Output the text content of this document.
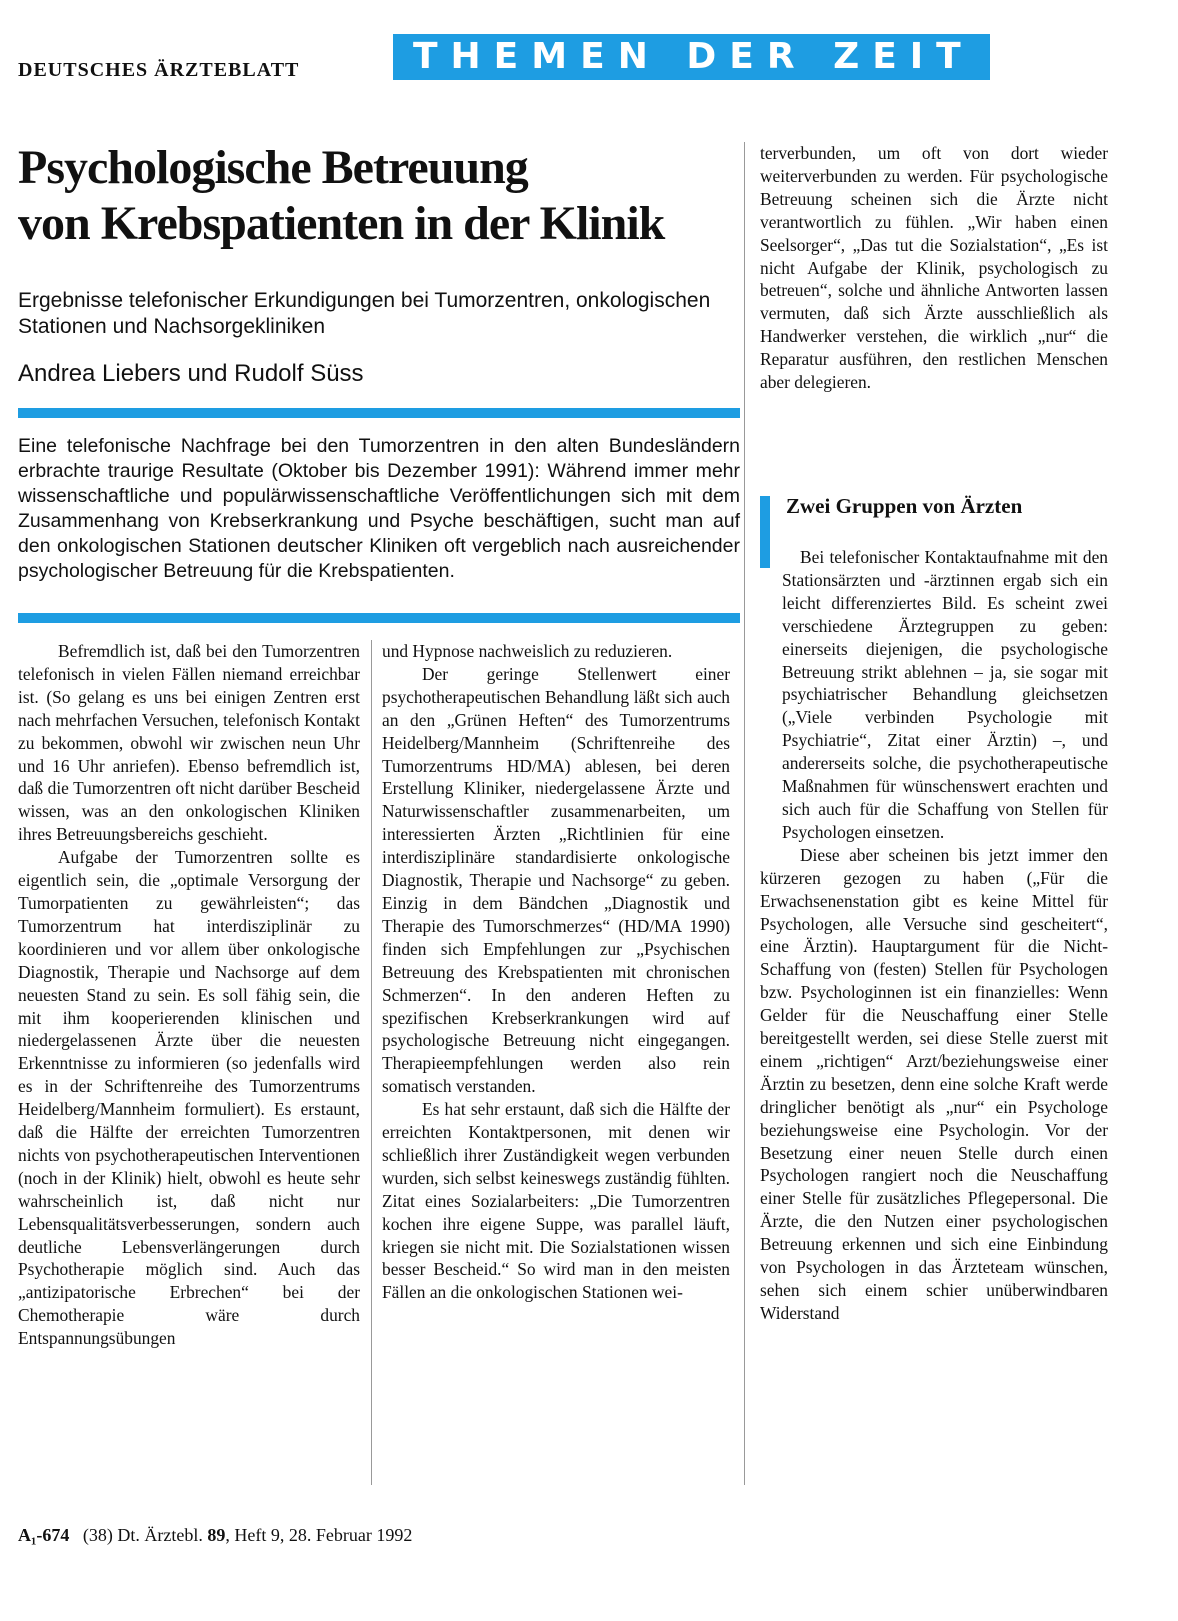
DEUTSCHES ÄRZTEBLATT	THEMEN DER ZEIT
Psychologische Betreuung
von Krebspatienten in der Klinik
Ergebnisse telefonischer Erkundigungen bei Tumorzentren, onkologischen Stationen und Nachsorgekliniken
Andrea Liebers und Rudolf Süss
Eine telefonische Nachfrage bei den Tumorzentren in den alten Bundesländern erbrachte traurige Resultate (Oktober bis Dezember 1991): Während immer mehr wissenschaftliche und populärwissenschaftliche Veröffentlichungen sich mit dem Zusammenhang von Krebserkrankung und Psyche beschäftigen, sucht man auf den onkologischen Stationen deutscher Kliniken oft vergeblich nach ausreichender psychologischer Betreuung für die Krebspatienten.

Befremdlich ist, daß bei den Tumorzentren telefonisch in vielen Fällen niemand erreichbar ist. (So gelang es uns bei einigen Zentren erst nach mehrfachen Versuchen, telefonisch Kontakt zu bekommen, obwohl wir zwischen neun Uhr und 16 Uhr anriefen). Ebenso befremdlich ist, daß die Tumorzentren oft nicht darüber Bescheid wissen, was an den onkologischen Kliniken ihres Betreuungsbereichs geschieht.

Aufgabe der Tumorzentren sollte es eigentlich sein, die „optimale Versorgung der Tumorpatienten zu gewährleisten“; das Tumorzentrum hat interdisziplinär zu koordinieren und vor allem über onkologische Diagnostik, Therapie und Nachsorge auf dem neuesten Stand zu sein. Es soll fähig sein, die mit ihm kooperierenden klinischen und niedergelassenen Ärzte über die neuesten Erkenntnisse zu informieren (so jedenfalls wird es in der Schriftenreihe des Tumorzentrums Heidelberg/Mannheim formuliert). Es erstaunt, daß die Hälfte der erreichten Tumorzentren nichts von psychotherapeutischen Interventionen (noch in der Klinik) hielt, obwohl es heute sehr wahrscheinlich ist, daß nicht nur Lebensqualitätsverbesserungen, sondern auch deutliche Lebensverlängerungen durch Psychotherapie möglich sind. Auch das „antizipatorische Erbrechen“ bei der Chemotherapie wäre durch Entspannungsübungen

und Hypnose nachweislich zu reduzieren.

Der geringe Stellenwert einer psychotherapeutischen Behandlung läßt sich auch an den „Grünen Heften“ des Tumorzentrums Heidelberg/Mannheim (Schriftenreihe des Tumorzentrums HD/MA) ablesen, bei deren Erstellung Kliniker, niedergelassene Ärzte und Naturwissenschaftler zusammenarbeiten, um interessierten Ärzten „Richtlinien für eine interdisziplinäre standardisierte onkologische Diagnostik, Therapie und Nachsorge“ zu geben. Einzig in dem Bändchen „Diagnostik und Therapie des Tumorschmerzes“ (HD/MA 1990) finden sich Empfehlungen zur „Psychischen Betreuung des Krebspatienten mit chronischen Schmerzen“. In den anderen Heften zu spezifischen Krebserkrankungen wird auf psychologische Betreuung nicht eingegangen. Therapieempfehlungen werden also rein somatisch verstanden.

Es hat sehr erstaunt, daß sich die Hälfte der erreichten Kontaktpersonen, mit denen wir schließlich ihrer Zuständigkeit wegen verbunden wurden, sich selbst keineswegs zuständig fühlten. Zitat eines Sozialarbeiters: „Die Tumorzentren kochen ihre eigene Suppe, was parallel läuft, kriegen sie nicht mit. Die Sozialstationen wissen besser Bescheid.“ So wird man in den meisten Fällen an die onkologischen Stationen wei-

terverbunden, um oft von dort wieder weiterverbunden zu werden. Für psychologische Betreuung scheinen sich die Ärzte nicht verantwortlich zu fühlen. „Wir haben einen Seelsorger“, „Das tut die Sozialstation“, „Es ist nicht Aufgabe der Klinik, psychologisch zu betreuen“, solche und ähnliche Antworten lassen vermuten, daß sich Ärzte ausschließlich als Handwerker verstehen, die wirklich „nur“ die Reparatur ausführen, den restlichen Menschen aber delegieren.

Zwei Gruppen von Ärzten

Bei telefonischer Kontaktaufnahme mit den Stationsärzten und -ärztinnen ergab sich ein leicht differenziertes Bild. Es scheint zwei verschiedene Ärztegruppen zu geben: einerseits diejenigen, die psychologische Betreuung strikt ablehnen – ja, sie sogar mit psychiatrischer Behandlung gleichsetzen („Viele verbinden Psychologie mit Psychiatrie“, Zitat einer Ärztin) –, und andererseits solche, die psychotherapeutische Maßnahmen für wünschenswert erachten und sich auch für die Schaffung von Stellen für Psychologen einsetzen.

Diese aber scheinen bis jetzt immer den kürzeren gezogen zu haben („Für die Erwachsenenstation gibt es keine Mittel für Psychologen, alle Versuche sind gescheitert“, eine Ärztin). Hauptargument für die Nicht-Schaffung von (festen) Stellen für Psychologen bzw. Psychologinnen ist ein finanzielles: Wenn Gelder für die Neuschaffung einer Stelle bereitgestellt werden, sei diese Stelle zuerst mit einem „richtigen“ Arzt/beziehungsweise einer Ärztin zu besetzen, denn eine solche Kraft werde dringlicher benötigt als „nur“ ein Psychologe beziehungsweise eine Psychologin. Vor der Besetzung einer neuen Stelle durch einen Psychologen rangiert noch die Neuschaffung einer Stelle für zusätzliches Pflegepersonal. Die Ärzte, die den Nutzen einer psychologischen Betreuung erkennen und sich eine Einbindung von Psychologen in das Ärzteteam wünschen, sehen sich einem schier unüberwindbaren Widerstand

A₁-674 (38) Dt. Ärztebl. 89, Heft 9, 28. Februar 1992
